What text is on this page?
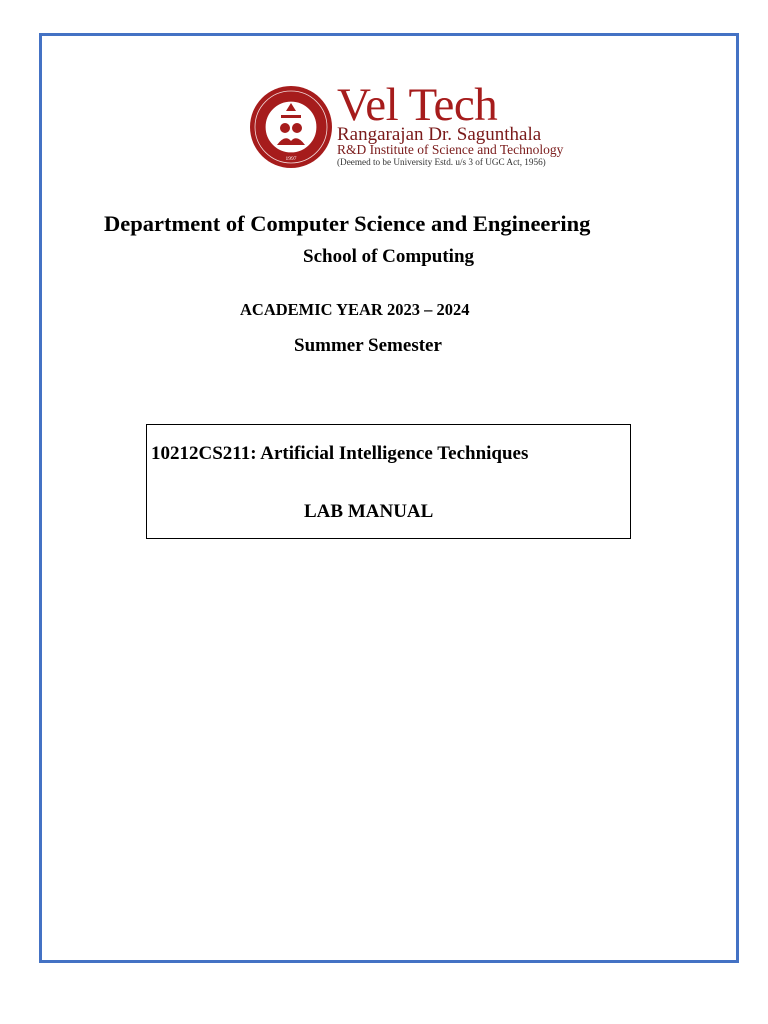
1997
Vel Tech
Rangarajan Dr. Sagunthala
R&D Institute of Science and Technology
(Deemed to be University Estd. u/s 3 of UGC Act, 1956)
Department of Computer Science and Engineering
School of Computing
ACADEMIC YEAR 2023 – 2024
Summer Semester
10212CS211: Artificial Intelligence Techniques
LAB MANUAL
